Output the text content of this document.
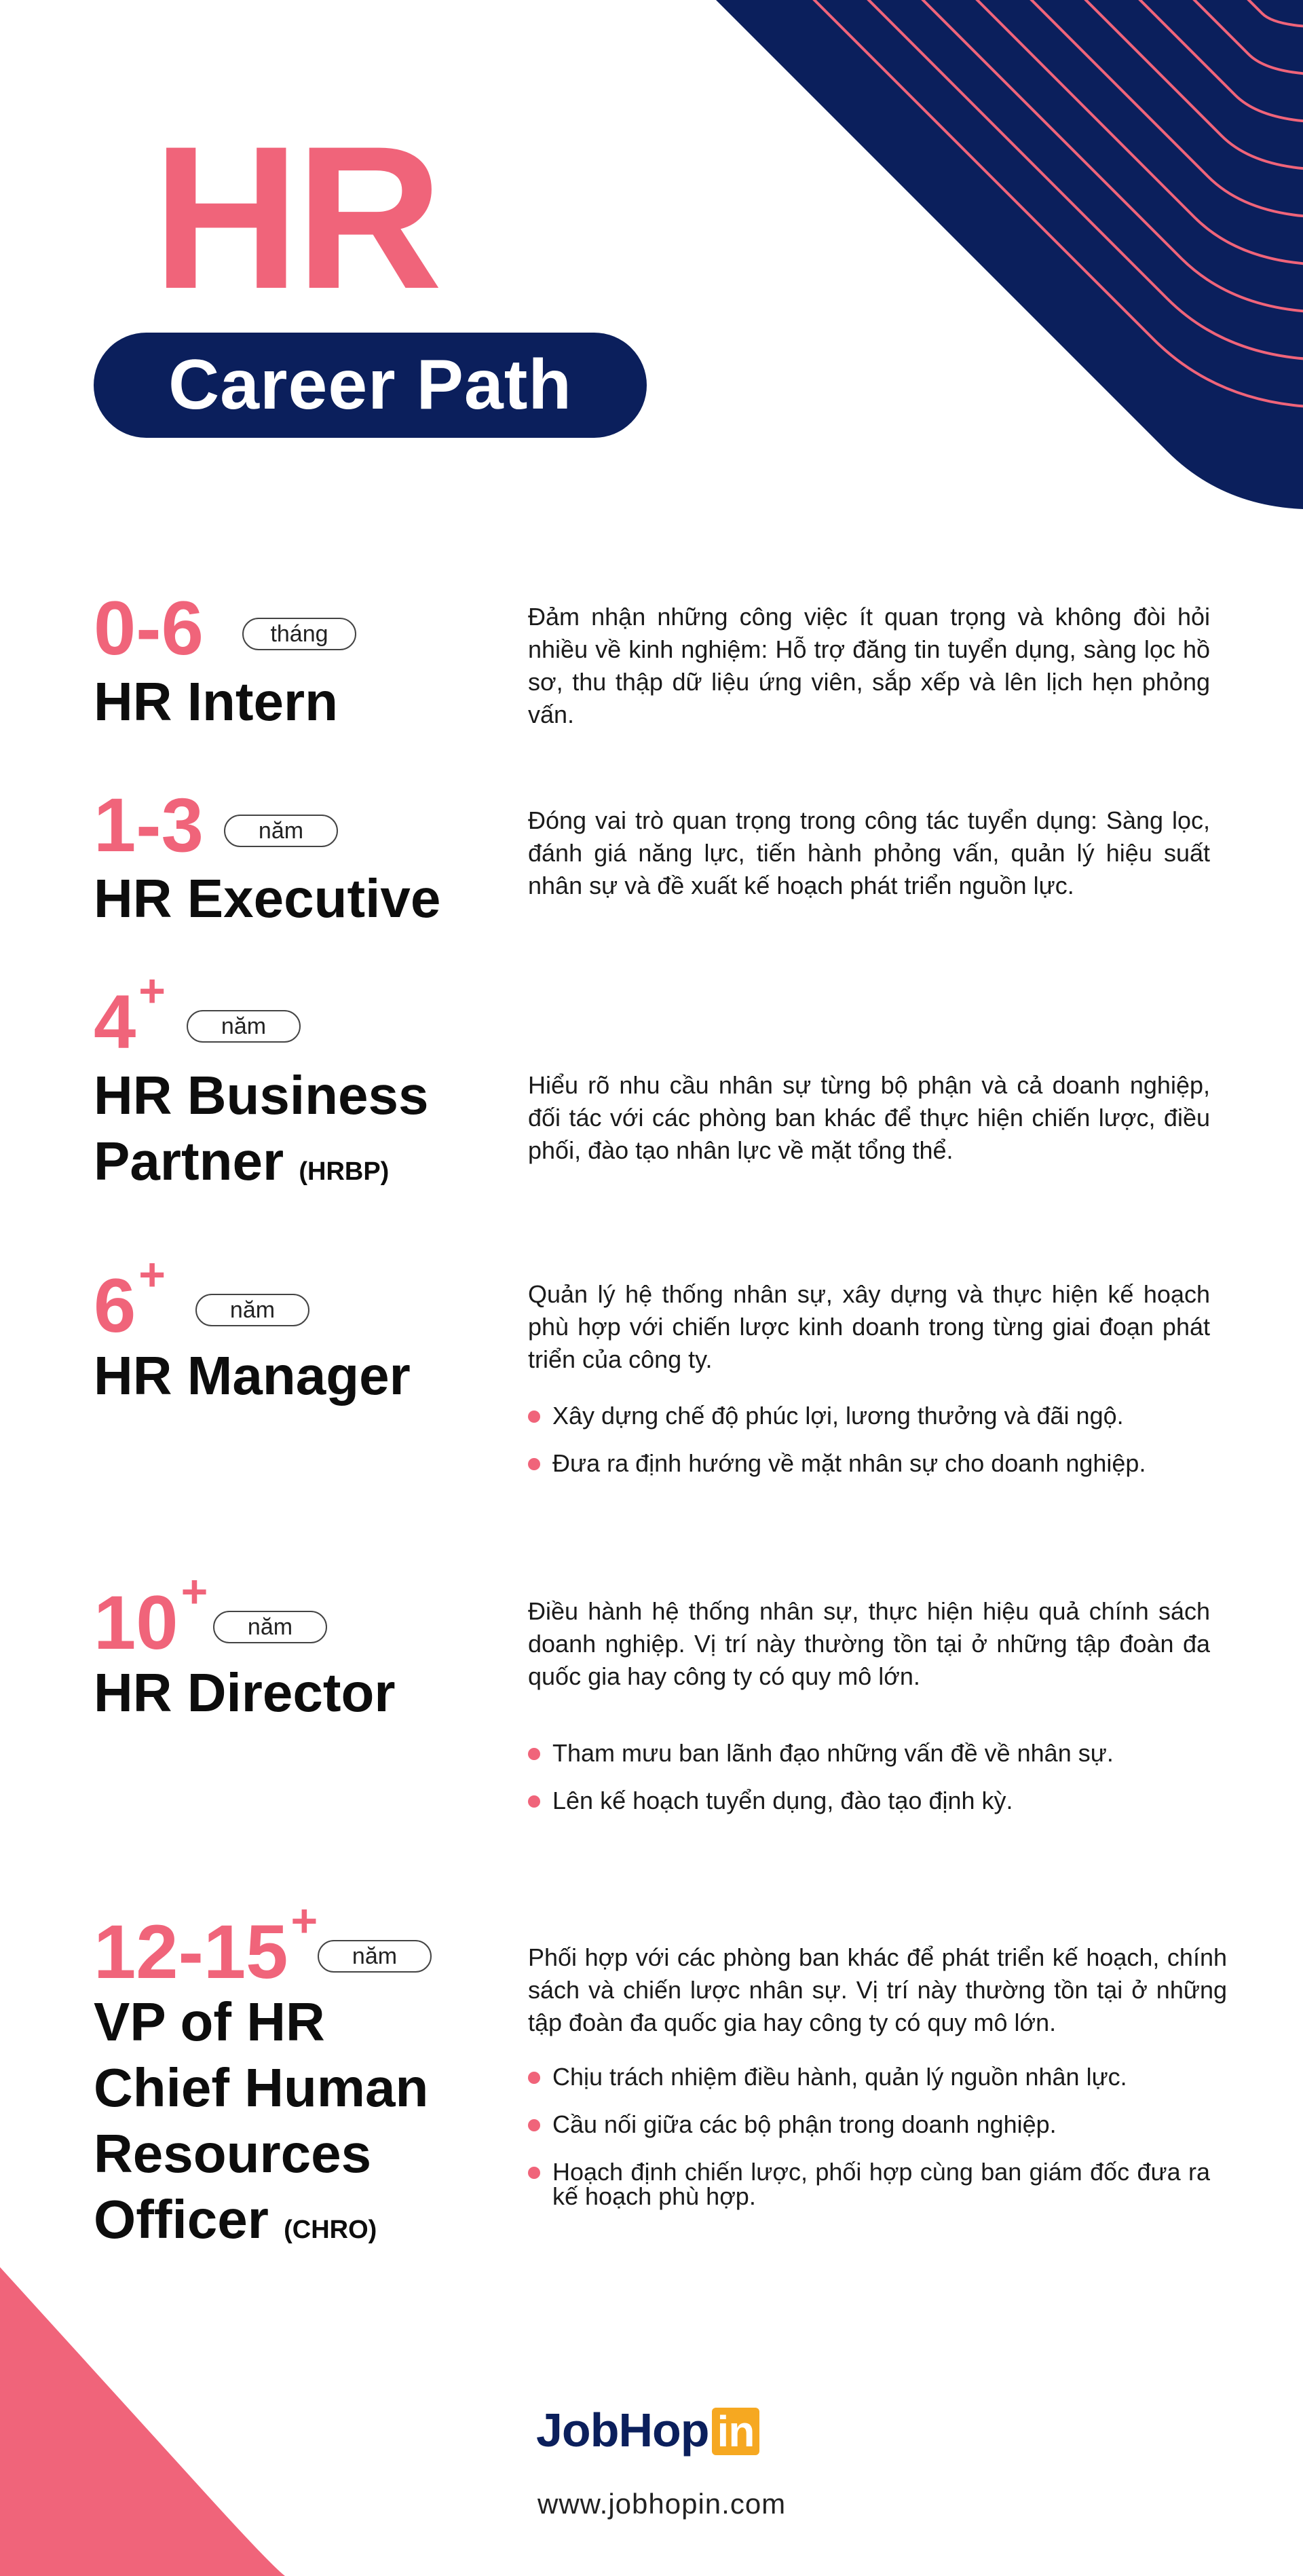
HR
Career Path

0-6	tháng
HR Intern

Đảm nhận những công việc ít quan trọng và không đòi hỏi nhiều về kinh nghiệm: Hỗ trợ đăng tin tuyển dụng, sàng lọc hồ sơ, thu thập dữ liệu ứng viên, sắp xếp và lên lịch hẹn phỏng vấn.

1-3	năm
HR Executive

Đóng vai trò quan trọng trong công tác tuyển dụng: Sàng lọc, đánh giá năng lực, tiến hành phỏng vấn, quản lý hiệu suất nhân sự và đề xuất kế hoạch phát triển nguồn lực.

4+

năm
HR Business
Partner (HRBP)

Hiểu rõ nhu cầu nhân sự từng bộ phận và cả doanh nghiệp, đối tác với các phòng ban khác để thực hiện chiến lược, điều phối, đào tạo nhân lực về mặt tổng thể.

6+

năm
HR Manager

Quản lý hệ thống nhân sự, xây dựng và thực hiện kế hoạch phù hợp với chiến lược kinh doanh trong từng giai đoạn phát triển của công ty.

Xây dựng chế độ phúc lợi, lương thưởng và đãi ngộ.
Đưa ra định hướng về mặt nhân sự cho doanh nghiệp.

10+

năm
HR Director

Điều hành hệ thống nhân sự, thực hiện hiệu quả chính sách doanh nghiệp. Vị trí này thường tồn tại ở những tập đoàn đa quốc gia hay công ty có quy mô lớn.

Tham mưu ban lãnh đạo những vấn đề về nhân sự.
Lên kế hoạch tuyển dụng, đào tạo định kỳ.

12-15+

năm
VP of HR
Chief Human
Resources
Officer (CHRO)

Phối hợp với các phòng ban khác để phát triển kế hoạch, chính sách và chiến lược nhân sự. Vị trí này thường tồn tại ở những tập đoàn đa quốc gia hay công ty có quy mô lớn.

Chịu trách nhiệm điều hành, quản lý nguồn nhân lực.
Cầu nối giữa các bộ phận trong doanh nghiệp.
Hoạch định chiến lược, phối hợp cùng ban giám đốc đưa ra kế hoạch phù hợp.

JobHop in

www.jobhopin.com
